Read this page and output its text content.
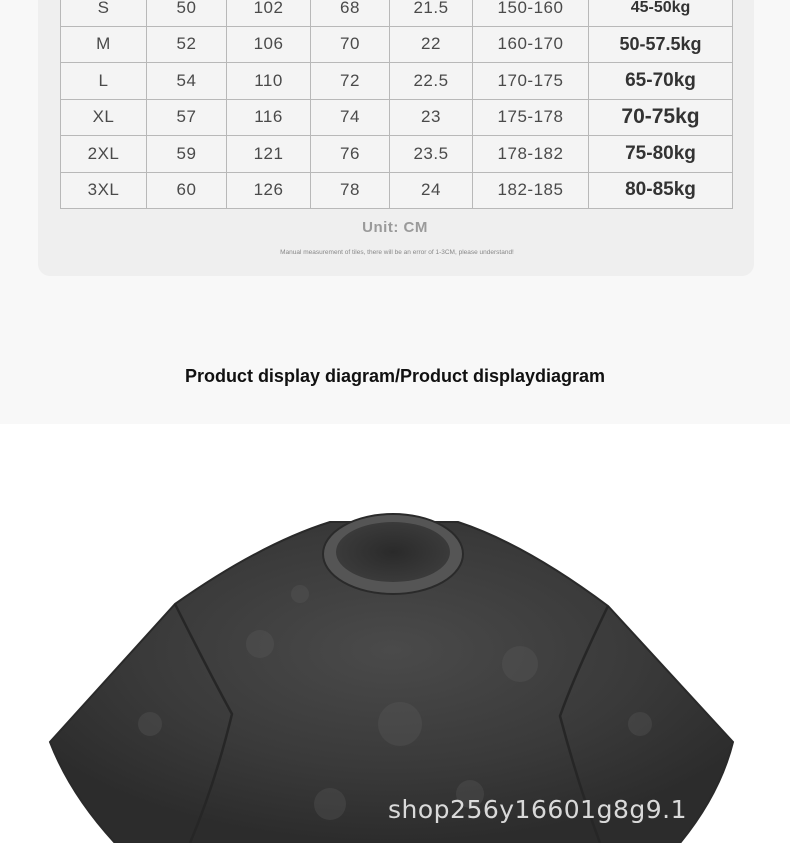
S	50	102	68	21.5	150-160	45-50kg
M	52	106	70	22	160-170	50-57.5kg
L	54	110	72	22.5	170-175	65-70kg
XL	57	116	74	23	175-178	70-75kg
2XL	59	121	76	23.5	178-182	75-80kg
3XL	60	126	78	24	182-185	80-85kg
Unit: CM
Manual measurement of tiles, there will be an error of 1-3CM, please understand!
Product display diagram/Product displaydiagram
shop256y16601g8g9.1
